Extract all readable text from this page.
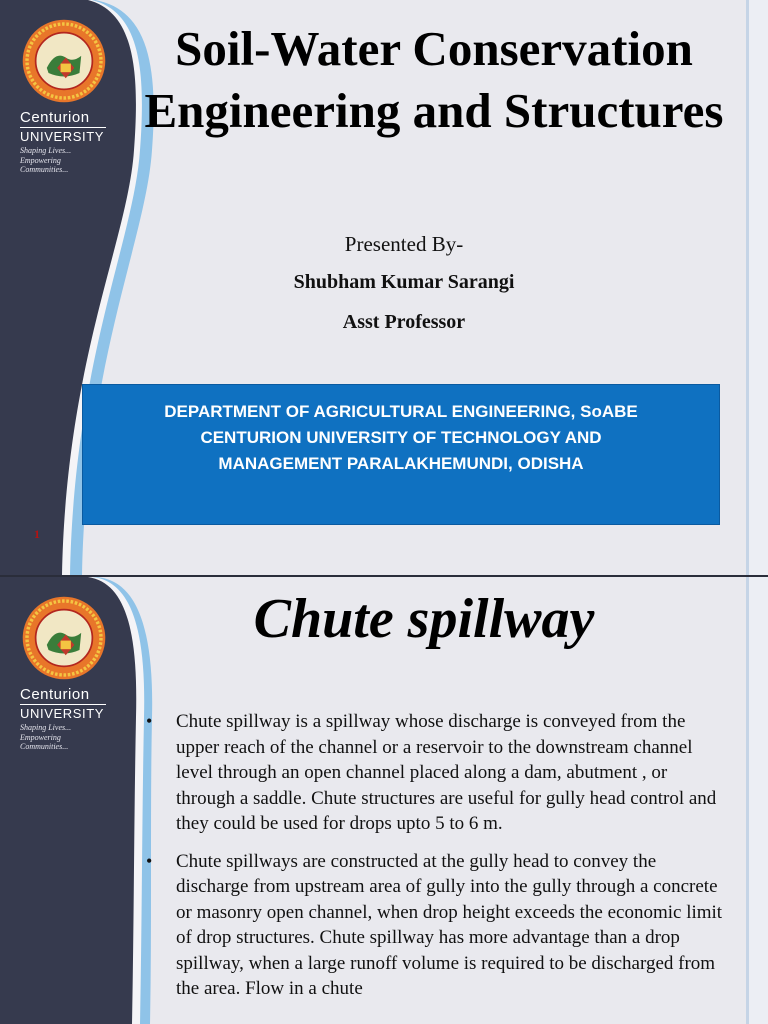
Centurion
UNIVERSITY
Shaping Lives...
Empowering Communities...
Soil-Water Conservation Engineering and Structures
Presented By-
Shubham Kumar Sarangi
Asst Professor
DEPARTMENT OF AGRICULTURAL ENGINEERING, SoABE
CENTURION UNIVERSITY OF TECHNOLOGY AND
MANAGEMENT PARALAKHEMUNDI, ODISHA
1
Centurion
UNIVERSITY
Shaping Lives...
Empowering Communities...
Chute spillway
• Chute spillway is a spillway whose discharge is conveyed from the upper reach of the channel or a reservoir to the downstream channel level through an open channel placed along a dam, abutment , or through a saddle. Chute structures are useful for gully head control and they could be used for drops upto 5 to 6 m.
• Chute spillways are constructed at the gully head to convey the discharge from upstream area of gully into the gully through a concrete or masonry open channel, when drop height exceeds the economic limit of drop structures. Chute spillway has more advantage than a drop spillway, when a large runoff volume is required to be discharged from the area. Flow in a chute
